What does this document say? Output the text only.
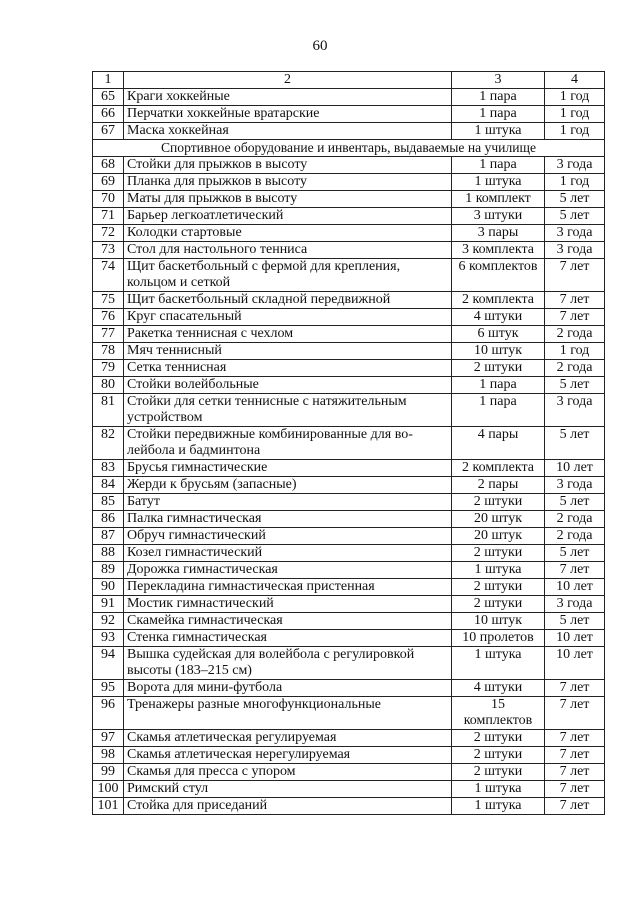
60
1	2	3	4
65	Краги хоккейные	1 пара	1 год
66	Перчатки хоккейные вратарские	1 пара	1 год
67	Маска хоккейная	1 штука	1 год
Спортивное оборудование и инвентарь, выдаваемые на училище			
68	Стойки для прыжков в высоту	1 пара	3 года
69	Планка для прыжков в высоту	1 штука	1 год
70	Маты для прыжков в высоту	1 комплект	5 лет
71	Барьер легкоатлетический	3 штуки	5 лет
72	Колодки стартовые	3 пары	3 года
73	Стол для настольного тенниса	3 комплекта	3 года
74	Щит баскетбольный с фермой для крепления, кольцом и сеткой	6 комплектов	7 лет
75	Щит баскетбольный складной передвижной	2 комплекта	7 лет
76	Круг спасательный	4 штуки	7 лет
77	Ракетка теннисная с чехлом	6 штук	2 года
78	Мяч теннисный	10 штук	1 год
79	Сетка теннисная	2 штуки	2 года
80	Стойки волейбольные	1 пара	5 лет
81	Стойки для сетки теннисные с натяжительным устройством	1 пара	3 года
82	Стойки передвижные комбинированные для во-лейбола и бадминтона	4 пары	5 лет
83	Брусья гимнастические	2 комплекта	10 лет
84	Жерди к брусьям (запасные)	2 пары	3 года
85	Батут	2 штуки	5 лет
86	Палка гимнастическая	20 штук	2 года
87	Обруч гимнастический	20 штук	2 года
88	Козел гимнастический	2 штуки	5 лет
89	Дорожка гимнастическая	1 штука	7 лет
90	Перекладина гимнастическая пристенная	2 штуки	10 лет
91	Мостик гимнастический	2 штуки	3 года
92	Скамейка гимнастическая	10 штук	5 лет
93	Стенка гимнастическая	10 пролетов	10 лет
94	Вышка судейская для волейбола с регулировкой высоты (183–215 см)	1 штука	10 лет
95	Ворота для мини-футбола	4 штуки	7 лет
96	Тренажеры разные многофункциональные	15 комплектов	7 лет
97	Скамья атлетическая регулируемая	2 штуки	7 лет
98	Скамья атлетическая нерегулируемая	2 штуки	7 лет
99	Скамья для пресса с упором	2 штуки	7 лет
100	Римский стул	1 штука	7 лет
101	Стойка для приседаний	1 штука	7 лет
